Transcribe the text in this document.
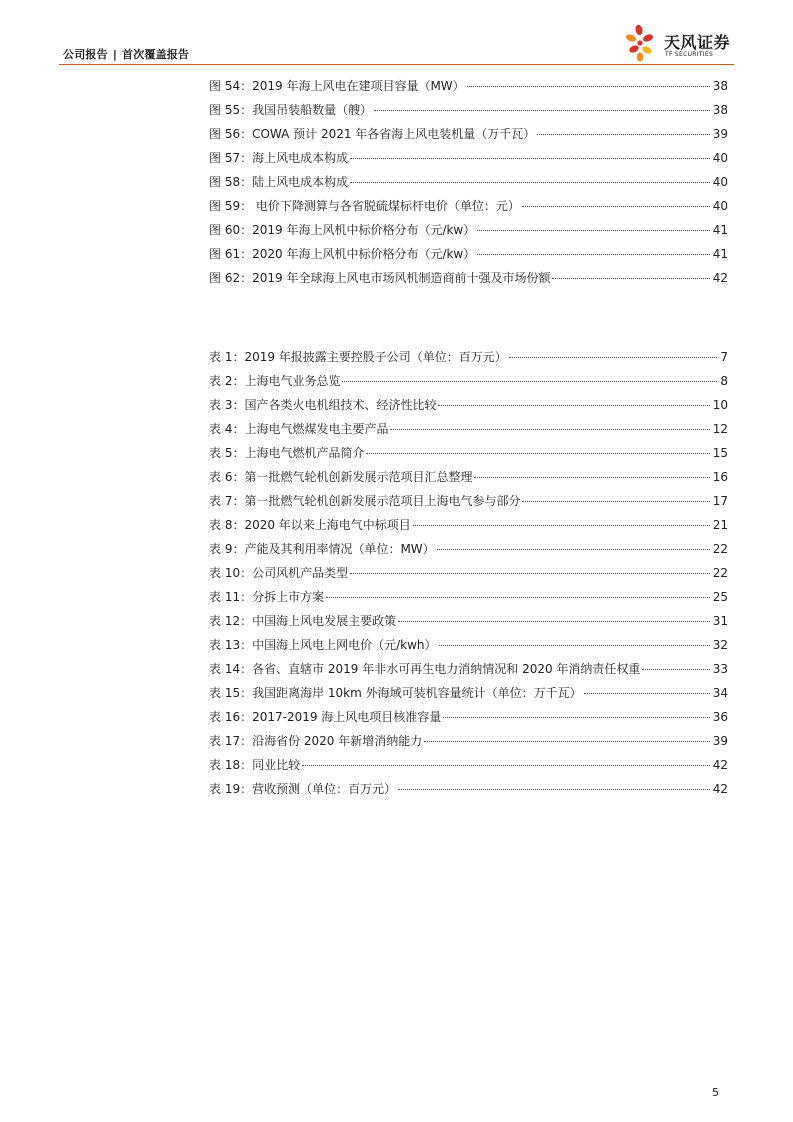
公司报告 | 首次覆盖报告
天风证券
TF SECURITIES
图 54：2019 年海上风电在建项目容量（MW）	38
图 55：我国吊装船数量（艘）	38
图 56：COWA 预计 2021 年各省海上风电装机量（万千瓦）	39
图 57：海上风电成本构成	40
图 58：陆上风电成本构成	40
图 59： 电价下降测算与各省脱硫煤标杆电价（单位：元）	40
图 60：2019 年海上风机中标价格分布（元/kw）	41
图 61：2020 年海上风机中标价格分布（元/kw）	41
图 62：2019 年全球海上风电市场风机制造商前十强及市场份额	42
表 1：2019 年报披露主要控股子公司（单位：百万元）	7
表 2：上海电气业务总览	8
表 3：国产各类火电机组技术、经济性比较	10
表 4：上海电气燃煤发电主要产品	12
表 5：上海电气燃机产品简介	15
表 6：第一批燃气轮机创新发展示范项目汇总整理	16
表 7：第一批燃气轮机创新发展示范项目上海电气参与部分	17
表 8：2020 年以来上海电气中标项目	21
表 9：产能及其利用率情况（单位：MW）	22
表 10：公司风机产品类型	22
表 11：分拆上市方案	25
表 12：中国海上风电发展主要政策	31
表 13：中国海上风电上网电价（元/kwh）	32
表 14：各省、直辖市 2019 年非水可再生电力消纳情况和 2020 年消纳责任权重	33
表 15：我国距离海岸 10km 外海域可装机容量统计（单位：万千瓦）	34
表 16：2017-2019 海上风电项目核准容量	36
表 17：沿海省份 2020 年新增消纳能力	39
表 18：同业比较	42
表 19：营收预测（单位：百万元）	42
5
